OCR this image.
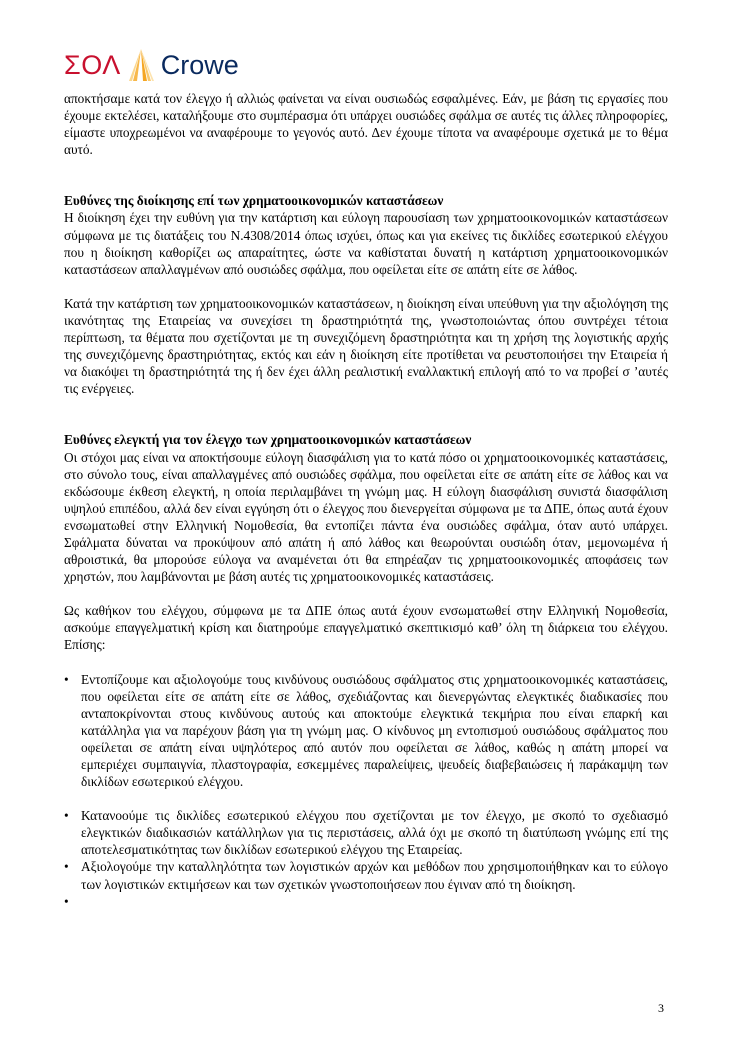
ΣΟΛ Crowe

αποκτήσαμε κατά τον έλεγχο ή αλλιώς φαίνεται να είναι ουσιωδώς εσφαλμένες. Εάν, με βάση τις εργασίες που έχουμε εκτελέσει, καταλήξουμε στο συμπέρασμα ότι υπάρχει ουσιώδες σφάλμα σε αυτές τις άλλες πληροφορίες, είμαστε υποχρεωμένοι να αναφέρουμε το γεγονός αυτό. Δεν έχουμε τίποτα να αναφέρουμε σχετικά με το θέμα αυτό.

Ευθύνες της διοίκησης επί των χρηματοοικονομικών καταστάσεων

Η διοίκηση έχει την ευθύνη για την κατάρτιση και εύλογη παρουσίαση των χρηματοοικονομικών καταστάσεων σύμφωνα με τις διατάξεις του Ν.4308/2014 όπως ισχύει, όπως και για εκείνες τις δικλίδες εσωτερικού ελέγχου που η διοίκηση καθορίζει ως απαραίτητες, ώστε να καθίσταται δυνατή η κατάρτιση χρηματοοικονομικών καταστάσεων απαλλαγμένων από ουσιώδες σφάλμα, που οφείλεται είτε σε απάτη είτε σε λάθος.

Κατά την κατάρτιση των χρηματοοικονομικών καταστάσεων, η διοίκηση είναι υπεύθυνη για την αξιολόγηση της ικανότητας της Εταιρείας να συνεχίσει τη δραστηριότητά της, γνωστοποιώντας όπου συντρέχει τέτοια περίπτωση, τα θέματα που σχετίζονται με τη συνεχιζόμενη δραστηριότητα και τη χρήση της λογιστικής αρχής της συνεχιζόμενης δραστηριότητας, εκτός και εάν η διοίκηση είτε προτίθεται να ρευστοποιήσει την Εταιρεία ή να διακόψει τη δραστηριότητά της ή δεν έχει άλλη ρεαλιστική εναλλακτική επιλογή από το να προβεί σ ’αυτές τις ενέργειες.

Ευθύνες ελεγκτή για τον έλεγχο των χρηματοοικονομικών καταστάσεων

Οι στόχοι μας είναι να αποκτήσουμε εύλογη διασφάλιση για το κατά πόσο οι χρηματοοικονομικές καταστάσεις, στο σύνολο τους, είναι απαλλαγμένες από ουσιώδες σφάλμα, που οφείλεται είτε σε απάτη είτε σε λάθος και να εκδώσουμε έκθεση ελεγκτή, η οποία περιλαμβάνει τη γνώμη μας. Η εύλογη διασφάλιση συνιστά διασφάλιση υψηλού επιπέδου, αλλά δεν είναι εγγύηση ότι ο έλεγχος που διενεργείται σύμφωνα με τα ΔΠΕ, όπως αυτά έχουν ενσωματωθεί στην Ελληνική Νομοθεσία, θα εντοπίζει πάντα ένα ουσιώδες σφάλμα, όταν αυτό υπάρχει. Σφάλματα δύναται να προκύψουν από απάτη ή από λάθος και θεωρούνται ουσιώδη όταν, μεμονωμένα ή αθροιστικά, θα μπορούσε εύλογα να αναμένεται ότι θα επηρέαζαν τις χρηματοοικονομικές αποφάσεις των χρηστών, που λαμβάνονται με βάση αυτές τις χρηματοοικονομικές καταστάσεις.

Ως καθήκον του ελέγχου, σύμφωνα με τα ΔΠΕ όπως αυτά έχουν ενσωματωθεί στην Ελληνική Νομοθεσία, ασκούμε επαγγελματική κρίση και διατηρούμε επαγγελματικό σκεπτικισμό καθ’ όλη τη διάρκεια του ελέγχου. Επίσης:

• Εντοπίζουμε και αξιολογούμε τους κινδύνους ουσιώδους σφάλματος στις χρηματοοικονομικές καταστάσεις, που οφείλεται είτε σε απάτη είτε σε λάθος, σχεδιάζοντας και διενεργώντας ελεγκτικές διαδικασίες που ανταποκρίνονται στους κινδύνους αυτούς και αποκτούμε ελεγκτικά τεκμήρια που είναι επαρκή και κατάλληλα για να παρέχουν βάση για τη γνώμη μας. Ο κίνδυνος μη εντοπισμού ουσιώδους σφάλματος που οφείλεται σε απάτη είναι υψηλότερος από αυτόν που οφείλεται σε λάθος, καθώς η απάτη μπορεί να εμπεριέχει συμπαιγνία, πλαστογραφία, εσκεμμένες παραλείψεις, ψευδείς διαβεβαιώσεις ή παράκαμψη των δικλίδων εσωτερικού ελέγχου.
• Κατανοούμε τις δικλίδες εσωτερικού ελέγχου που σχετίζονται με τον έλεγχο, με σκοπό το σχεδιασμό ελεγκτικών διαδικασιών κατάλληλων για τις περιστάσεις, αλλά όχι με σκοπό τη διατύπωση γνώμης επί της αποτελεσματικότητας των δικλίδων εσωτερικού ελέγχου της Εταιρείας.
• Αξιολογούμε την καταλληλότητα των λογιστικών αρχών και μεθόδων που χρησιμοποιήθηκαν και το εύλογο των λογιστικών εκτιμήσεων και των σχετικών γνωστοποιήσεων που έγιναν από τη διοίκηση.
•

3
